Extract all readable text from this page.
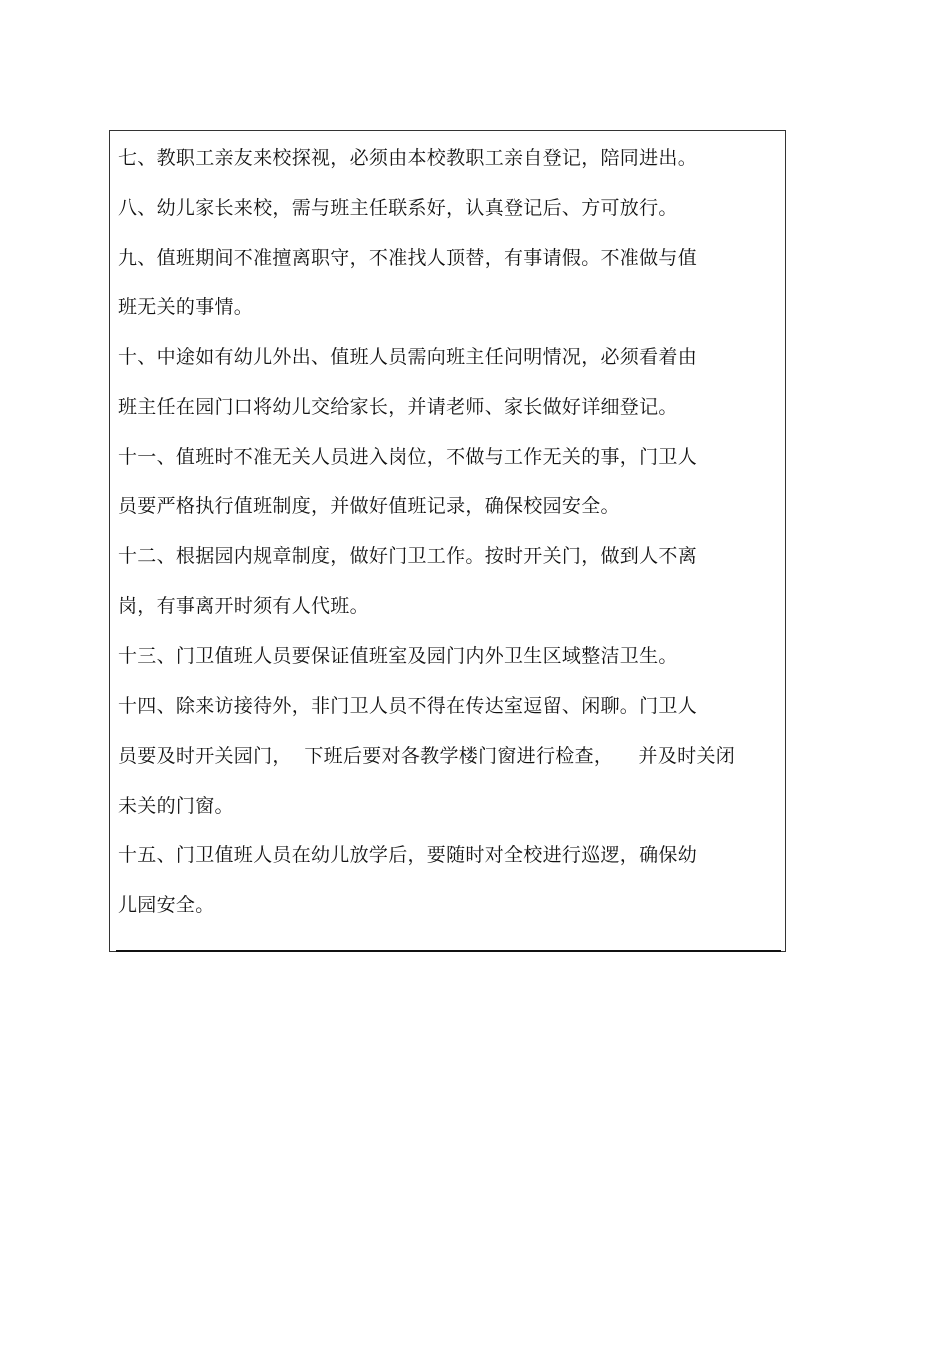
七、教职工亲友来校探视，必须由本校教职工亲自登记，陪同进出。
八、幼儿家长来校，需与班主任联系好，认真登记后、方可放行。
九、值班期间不准擅离职守，不准找人顶替，有事请假。不准做与值
班无关的事情。
十、中途如有幼儿外出、值班人员需向班主任问明情况，必须看着由
班主任在园门口将幼儿交给家长，并请老师、家长做好详细登记。
十一、值班时不准无关人员进入岗位，不做与工作无关的事，门卫人
员要严格执行值班制度，并做好值班记录，确保校园安全。
十二、根据园内规章制度，做好门卫工作。按时开关门，做到人不离
岗，有事离开时须有人代班。
十三、门卫值班人员要保证值班室及园门内外卫生区域整洁卫生。
十四、除来访接待外，非门卫人员不得在传达室逗留、闲聊。门卫人
员要及时开关园门，  下班后要对各教学楼门窗进行检查，    并及时关闭
未关的门窗。
十五、门卫值班人员在幼儿放学后，要随时对全校进行巡逻，确保幼
儿园安全。
